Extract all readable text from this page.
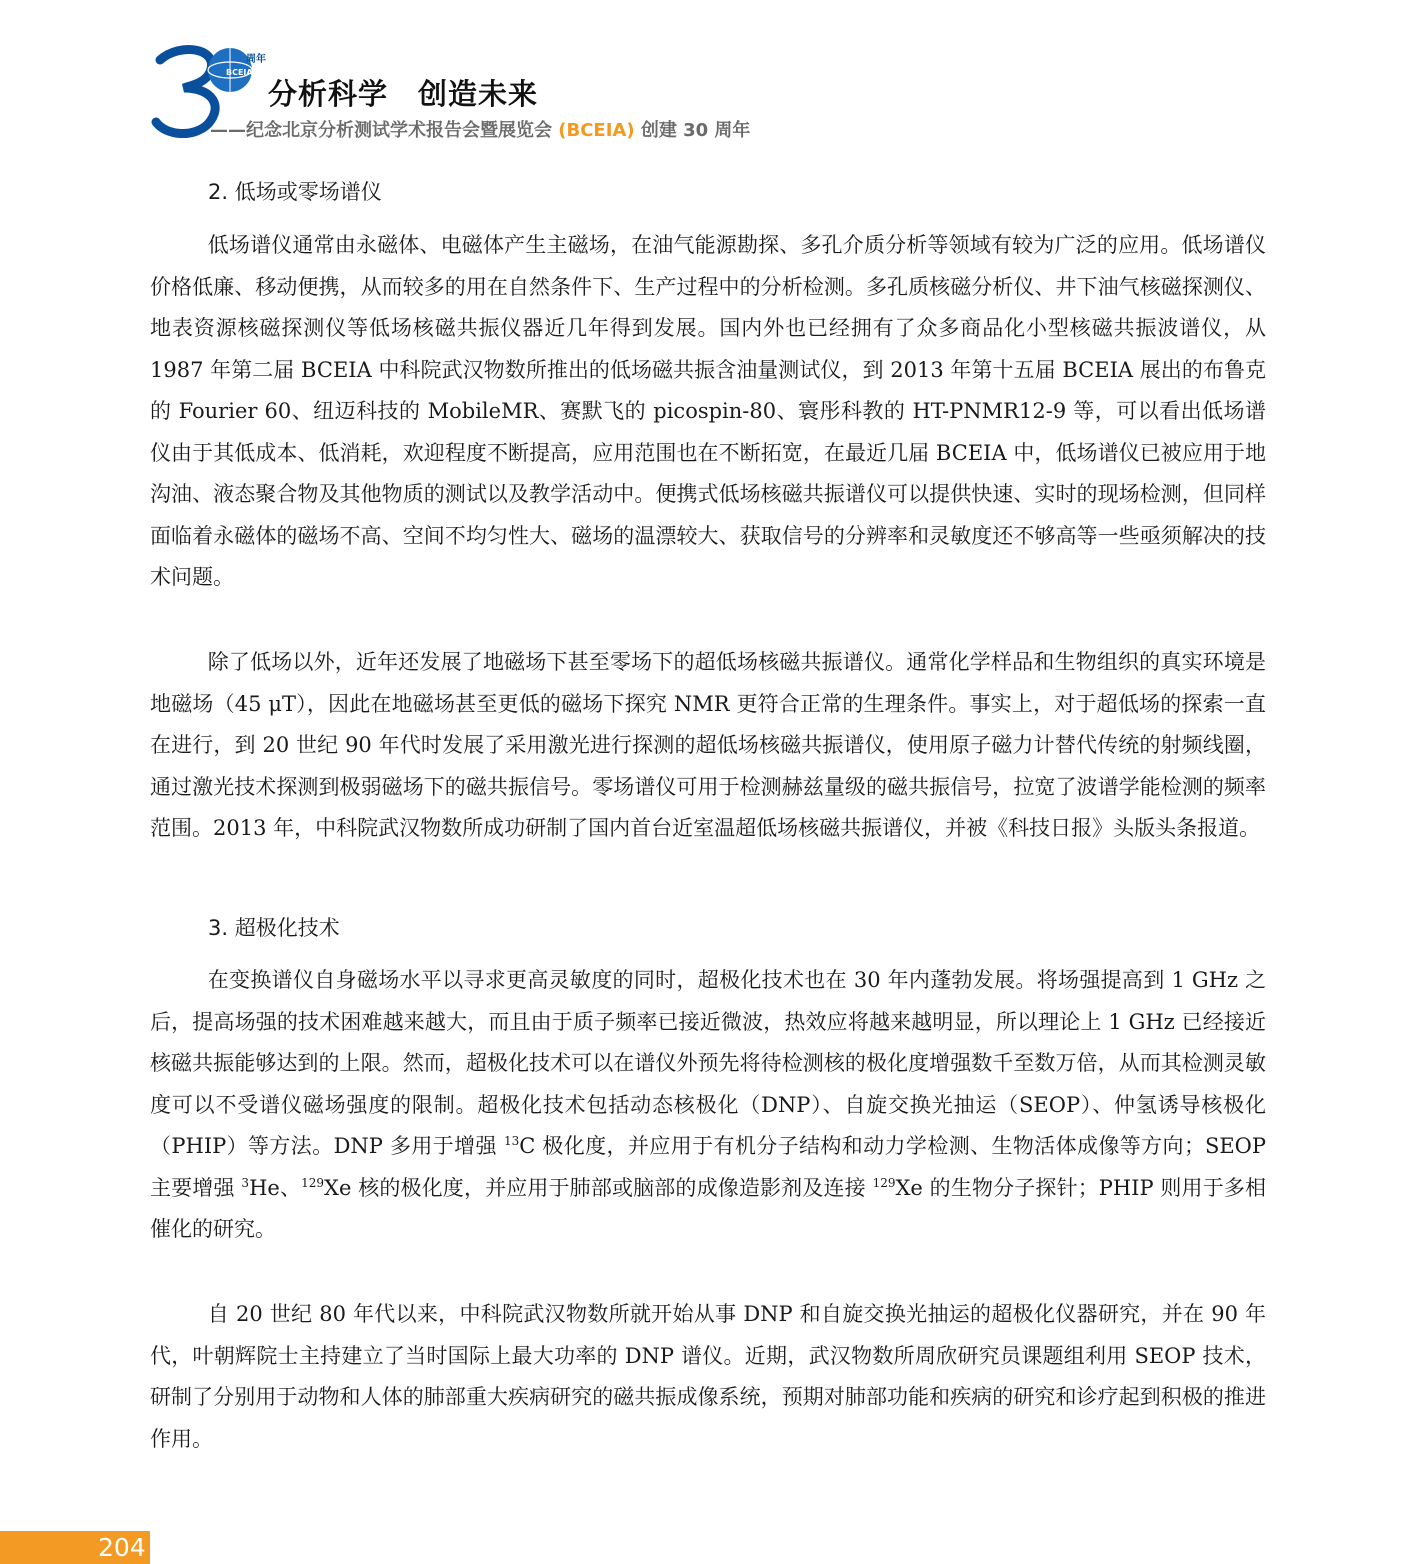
BCEIA
周年
分析科学　创造未来
——纪念北京分析测试学术报告会暨展览会 (BCEIA) 创建 30 周年
2. 低场或零场谱仪

低场谱仪通常由永磁体、电磁体产生主磁场，在油气能源勘探、多孔介质分析等领域有较为广泛的应用。低场谱仪价格低廉、移动便携，从而较多的用在自然条件下、生产过程中的分析检测。多孔质核磁分析仪、井下油气核磁探测仪、地表资源核磁探测仪等低场核磁共振仪器近几年得到发展。国内外也已经拥有了众多商品化小型核磁共振波谱仪，从 1987 年第二届 BCEIA 中科院武汉物数所推出的低场磁共振含油量测试仪，到 2013 年第十五届 BCEIA 展出的布鲁克的 Fourier 60、纽迈科技的 MobileMR、赛默飞的 picospin-80、寰彤科教的 HT-PNMR12-9 等，可以看出低场谱仪由于其低成本、低消耗，欢迎程度不断提高，应用范围也在不断拓宽，在最近几届 BCEIA 中，低场谱仪已被应用于地沟油、液态聚合物及其他物质的测试以及教学活动中。便携式低场核磁共振谱仪可以提供快速、实时的现场检测，但同样面临着永磁体的磁场不高、空间不均匀性大、磁场的温漂较大、获取信号的分辨率和灵敏度还不够高等一些亟须解决的技术问题。

除了低场以外，近年还发展了地磁场下甚至零场下的超低场核磁共振谱仪。通常化学样品和生物组织的真实环境是地磁场（45 μT），因此在地磁场甚至更低的磁场下探究 NMR 更符合正常的生理条件。事实上，对于超低场的探索一直在进行，到 20 世纪 90 年代时发展了采用激光进行探测的超低场核磁共振谱仪，使用原子磁力计替代传统的射频线圈，通过激光技术探测到极弱磁场下的磁共振信号。零场谱仪可用于检测赫兹量级的磁共振信号，拉宽了波谱学能检测的频率范围。2013 年，中科院武汉物数所成功研制了国内首台近室温超低场核磁共振谱仪，并被《科技日报》头版头条报道。

3. 超极化技术

在变换谱仪自身磁场水平以寻求更高灵敏度的同时，超极化技术也在 30 年内蓬勃发展。将场强提高到 1 GHz 之后，提高场强的技术困难越来越大，而且由于质子频率已接近微波，热效应将越来越明显，所以理论上 1 GHz 已经接近核磁共振能够达到的上限。然而，超极化技术可以在谱仪外预先将待检测核的极化度增强数千至数万倍，从而其检测灵敏度可以不受谱仪磁场强度的限制。超极化技术包括动态核极化（DNP）、自旋交换光抽运（SEOP）、仲氢诱导核极化（PHIP）等方法。DNP 多用于增强 $^{13}$C 极化度，并应用于有机分子结构和动力学检测、生物活体成像等方向；SEOP 主要增强 $^3$He、$^{129}$Xe 核的极化度，并应用于肺部或脑部的成像造影剂及连接 $^{129}$Xe 的生物分子探针；PHIP 则用于多相催化的研究。

自 20 世纪 80 年代以来，中科院武汉物数所就开始从事 DNP 和自旋交换光抽运的超极化仪器研究，并在 90 年代，叶朝辉院士主持建立了当时国际上最大功率的 DNP 谱仪。近期，武汉物数所周欣研究员课题组利用 SEOP 技术，研制了分别用于动物和人体的肺部重大疾病研究的磁共振成像系统，预期对肺部功能和疾病的研究和诊疗起到积极的推进作用。

204
